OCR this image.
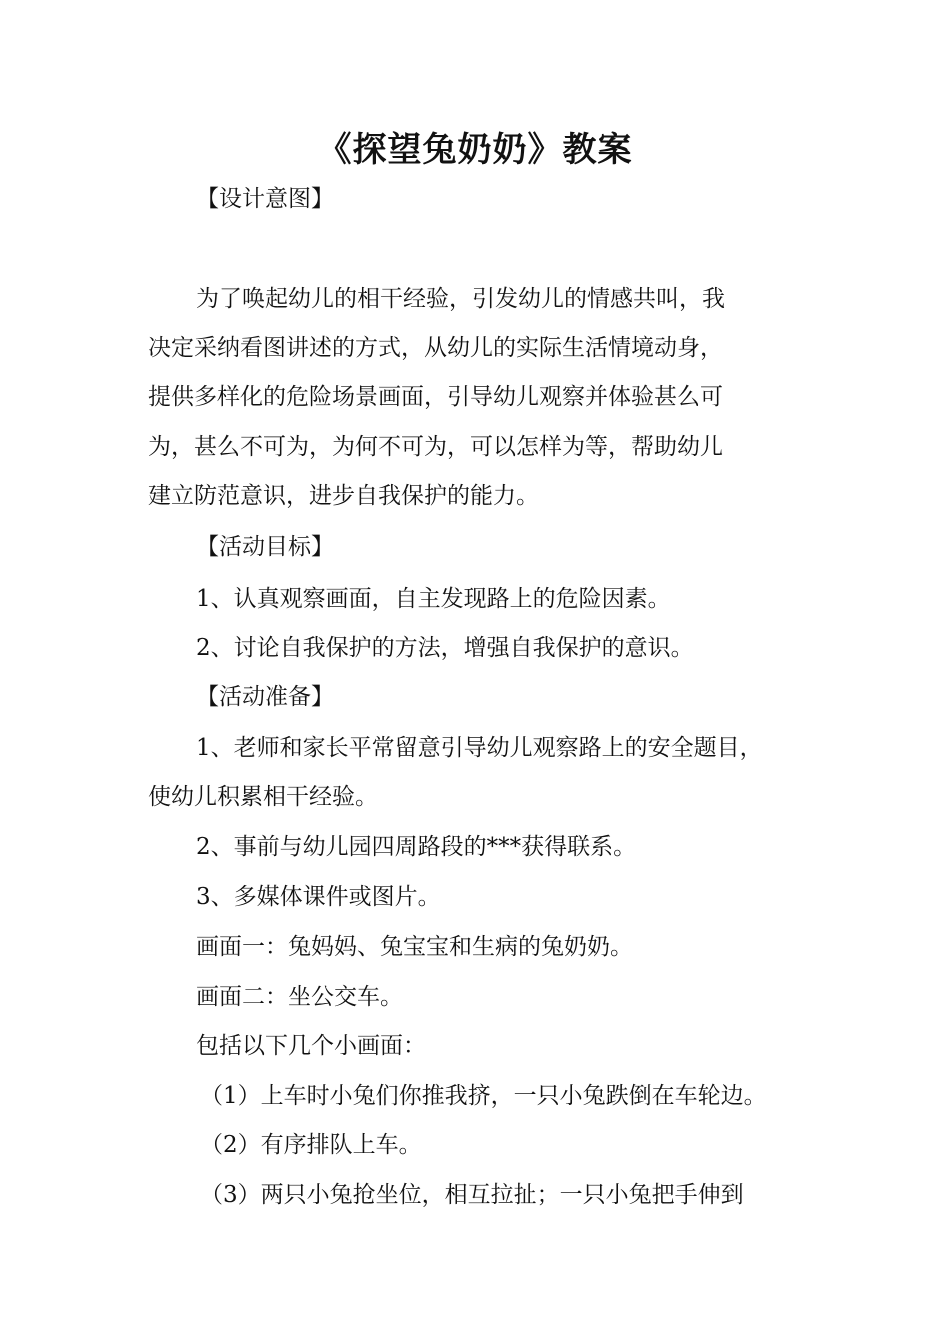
《探望兔奶奶》教案
【设计意图】
为了唤起幼儿的相干经验，引发幼儿的情感共叫，我
决定采纳看图讲述的方式，从幼儿的实际生活情境动身，
提供多样化的危险场景画面，引导幼儿观察并体验甚么可
为，甚么不可为，为何不可为，可以怎样为等，帮助幼儿
建立防范意识，进步自我保护的能力。
【活动目标】
1、认真观察画面，自主发现路上的危险因素。
2、讨论自我保护的方法，增强自我保护的意识。
【活动准备】
1、老师和家长平常留意引导幼儿观察路上的安全题目，
使幼儿积累相干经验。
2、事前与幼儿园四周路段的***获得联系。
3、多媒体课件或图片。
画面一：兔妈妈、兔宝宝和生病的兔奶奶。
画面二：坐公交车。
包括以下几个小画面：
（1）上车时小兔们你推我挤，一只小兔跌倒在车轮边。
（2）有序排队上车。
（3）两只小兔抢坐位，相互拉扯；一只小兔把手伸到
